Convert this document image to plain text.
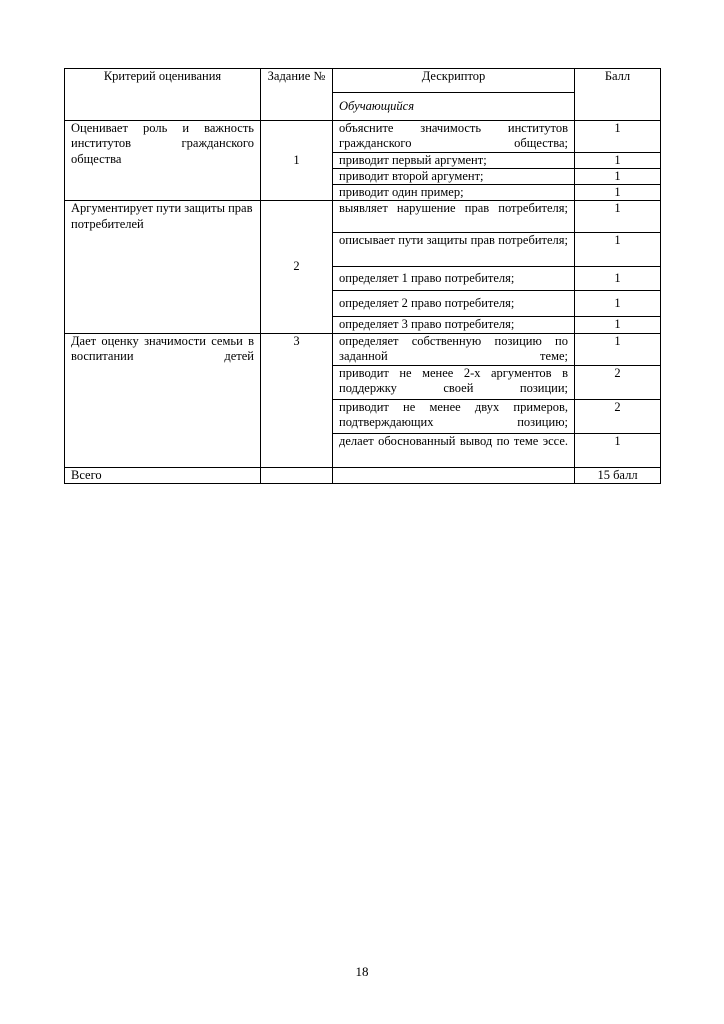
Критерий оценивания	Задание №	Дескриптор	Балл
		Обучающийся	
Оценивает роль и важность институтов гражданского общества	1	объясните значимость институтов гражданского общества;	1
		приводит первый аргумент;	1
		приводит второй аргумент;	1
		приводит один пример;	1
Аргументирует пути защиты прав потребителей	2	выявляет нарушение прав потребителя;	1
		описывает пути защиты прав потребителя;	1
		определяет 1 право потребителя;	1
		определяет 2 право потребителя;	1
		определяет 3 право потребителя;	1
Дает оценку значимости семьи в воспитании детей	3	определяет собственную позицию по заданной теме;	1
		приводит не менее 2-х аргументов в поддержку своей позиции;	2
		приводит не менее двух примеров, подтверждающих позицию;	2
		делает обоснованный вывод по теме эссе.	1
Всего			15 балл
18
